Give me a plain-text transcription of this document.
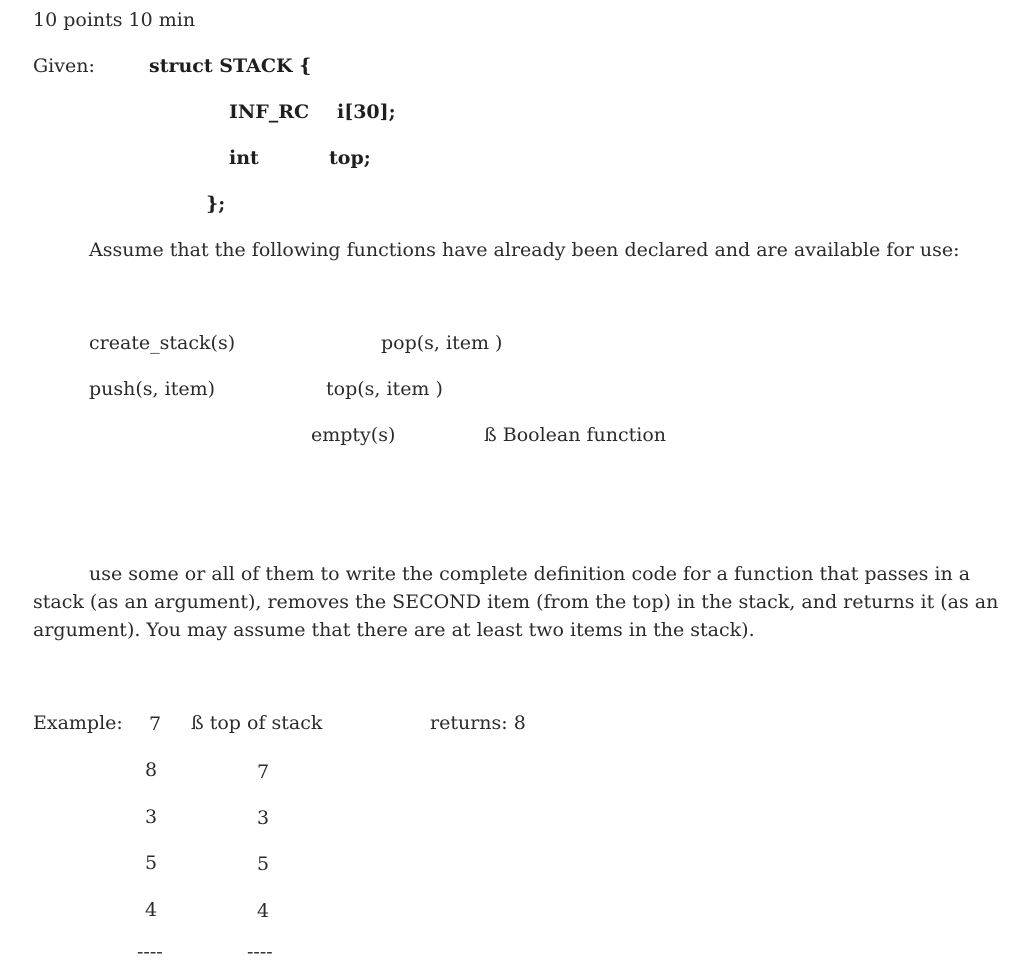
10 points 10 min
Given:	struct STACK {
INF_RC i[30];
int	top;
};
Assume that the following functions have already been declared and are available for use:
create_stack(s)	pop(s, item )
push(s, item)	top(s, item )
empty(s)	ß Boolean function
use some or all of them to write the complete definition code for a function that passes in a stack (as an argument), removes the SECOND item (from the top) in the stack, and returns it (as an argument). You may assume that there are at least two items in the stack).
Example: 7 ß top of stack	returns: 8
8	7
3	3
5	5
4	4
----	----
